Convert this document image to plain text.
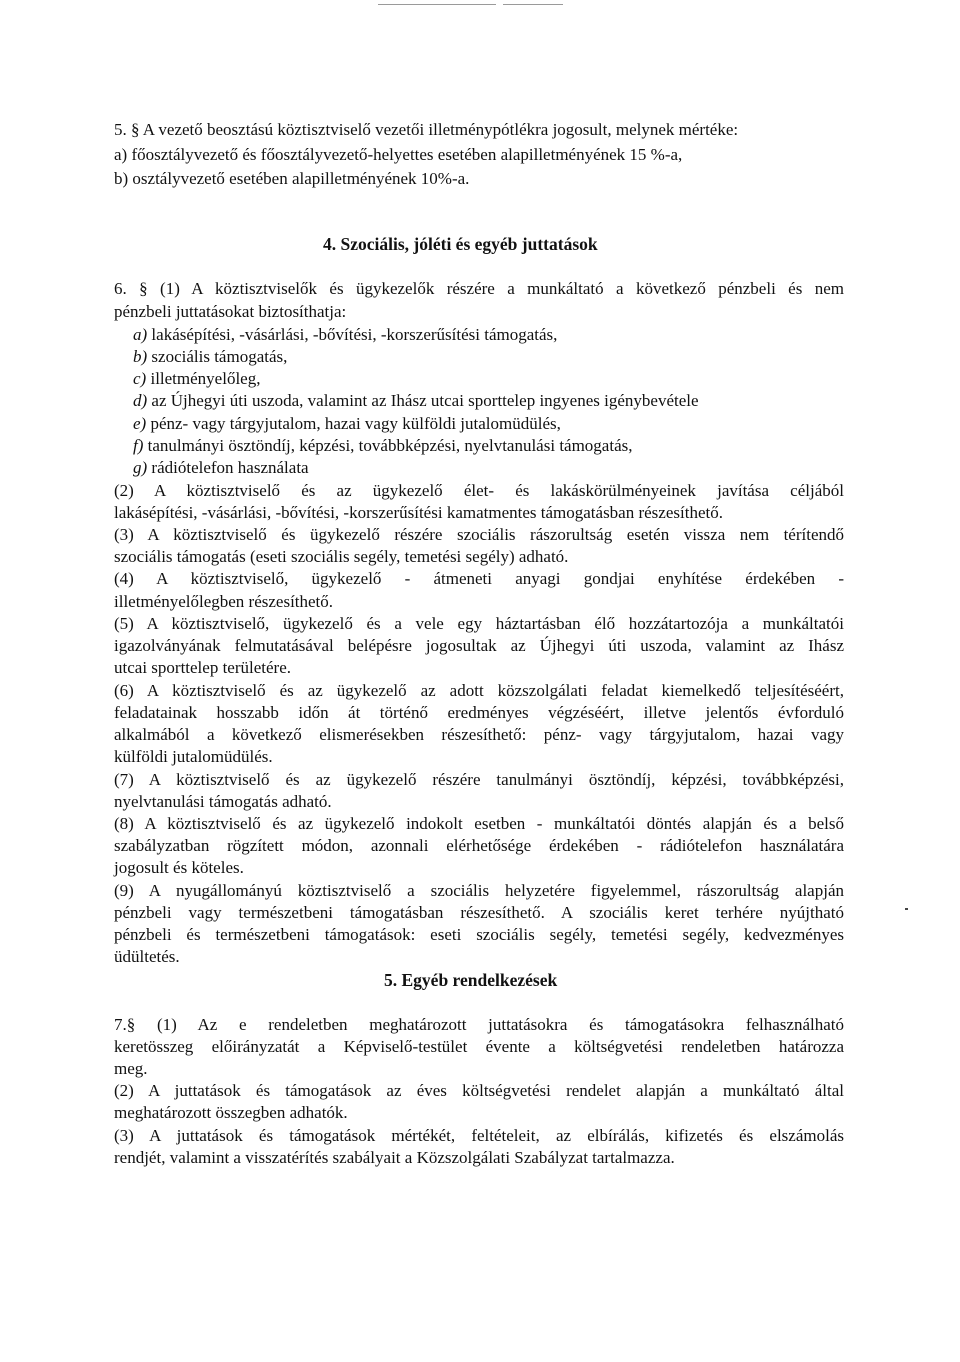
5. § A vezető beosztású köztisztviselő vezetői illetménypótlékra jogosult, melynek mértéke:
a) főosztályvezető és főosztályvezető-helyettes esetében alapilletményének 15 %-a,
b) osztályvezető esetében alapilletményének 10%-a.
4. Szociális, jóléti és egyéb juttatások
6. § (1) A köztisztviselők és ügykezelők részére a munkáltató a következő pénzbeli és nem
pénzbeli juttatásokat biztosíthatja:
a) lakásépítési, -vásárlási, -bővítési, -korszerűsítési támogatás,
b) szociális támogatás,
c) illetményelőleg,
d) az Újhegyi úti uszoda, valamint az Ihász utcai sporttelep ingyenes igénybevétele
e) pénz- vagy tárgyjutalom, hazai vagy külföldi jutalomüdülés,
f) tanulmányi ösztöndíj, képzési, továbbképzési, nyelvtanulási támogatás,
g) rádiótelefon használata
(2) A köztisztviselő és az ügykezelő élet- és lakáskörülményeinek javítása céljából
lakásépítési, -vásárlási, -bővítési, -korszerűsítési kamatmentes támogatásban részesíthető.
(3) A köztisztviselő és ügykezelő részére szociális rászorultság esetén vissza nem térítendő
szociális támogatás (eseti szociális segély, temetési segély) adható.
(4) A köztisztviselő, ügykezelő - átmeneti anyagi gondjai enyhítése érdekében -
illetményelőlegben részesíthető.
(5) A köztisztviselő, ügykezelő és a vele egy háztartásban élő hozzátartozója a munkáltatói
igazolványának felmutatásával belépésre jogosultak az Újhegyi úti uszoda, valamint az Ihász
utcai sporttelep területére.
(6) A köztisztviselő és az ügykezelő az adott közszolgálati feladat kiemelkedő teljesítéséért,
feladatainak hosszabb időn át történő eredményes végzéséért, illetve jelentős évforduló
alkalmából a következő elismerésekben részesíthető: pénz- vagy tárgyjutalom, hazai vagy
külföldi jutalomüdülés.
(7) A köztisztviselő és az ügykezelő részére tanulmányi ösztöndíj, képzési, továbbképzési,
nyelvtanulási támogatás adható.
(8) A köztisztviselő és az ügykezelő indokolt esetben - munkáltatói döntés alapján és a belső
szabályzatban rögzített módon, azonnali elérhetősége érdekében - rádiótelefon használatára
jogosult és köteles.
(9) A nyugállományú köztisztviselő a szociális helyzetére figyelemmel, rászorultság alapján
pénzbeli vagy természetbeni támogatásban részesíthető. A szociális keret terhére nyújtható
pénzbeli és természetbeni támogatások: eseti szociális segély, temetési segély, kedvezményes
üdültetés.
5. Egyéb rendelkezések
7.§ (1) Az e rendeletben meghatározott juttatásokra és támogatásokra felhasználható
keretösszeg előirányzatát a Képviselő-testület évente a költségvetési rendeletben határozza
meg.
(2) A juttatások és támogatások az éves költségvetési rendelet alapján a munkáltató által
meghatározott összegben adhatók.
(3) A juttatások és támogatások mértékét, feltételeit, az elbírálás, kifizetés és elszámolás
rendjét, valamint a visszatérítés szabályait a Közszolgálati Szabályzat tartalmazza.
